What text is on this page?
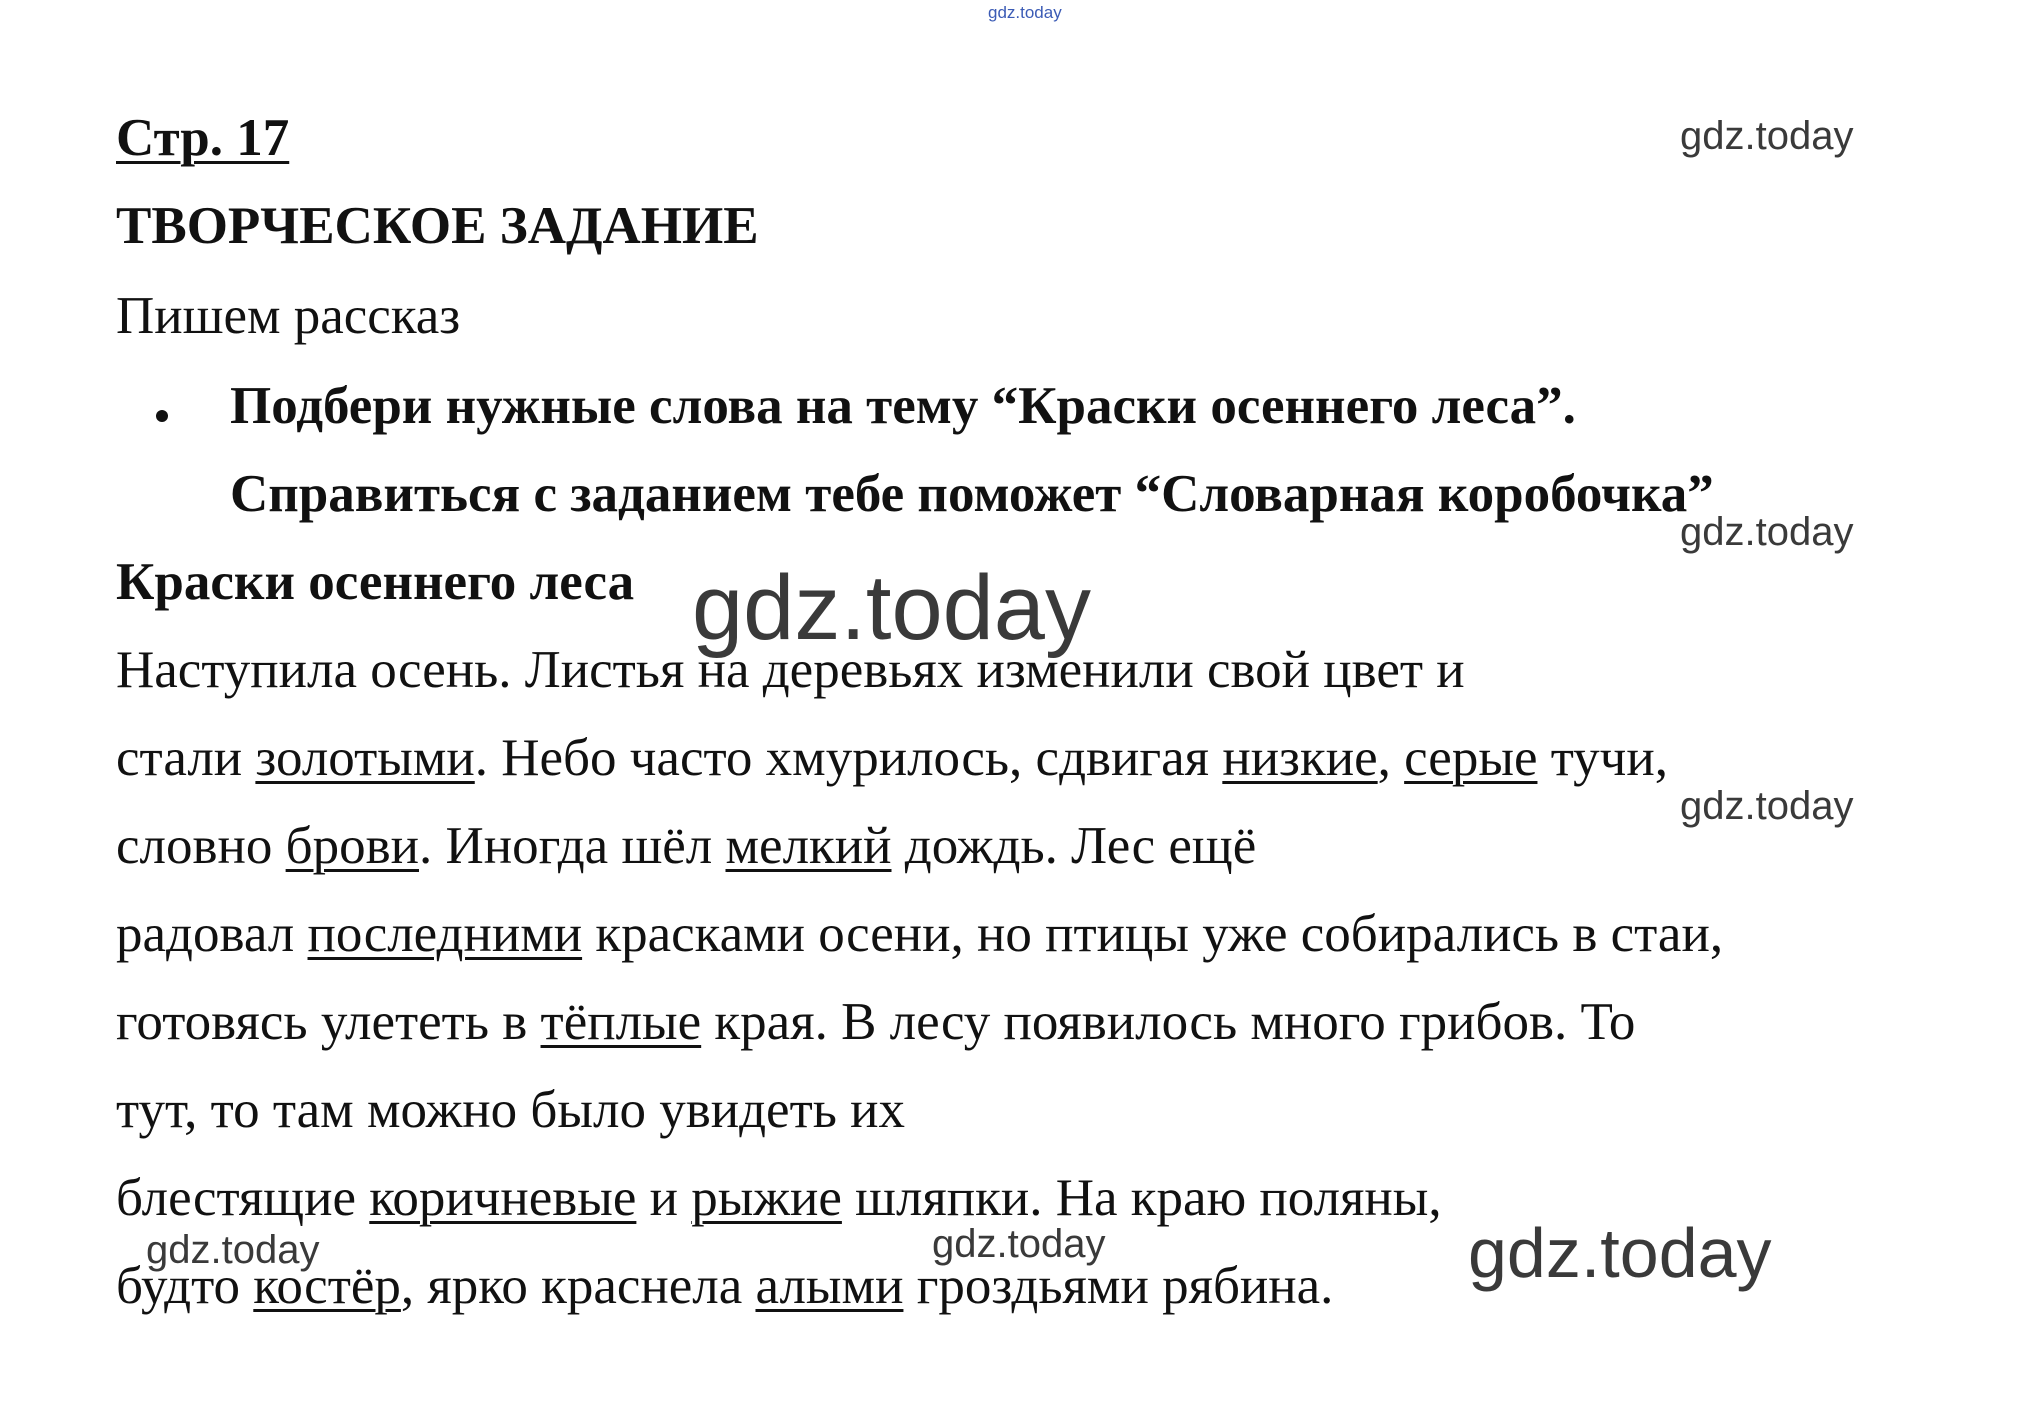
gdz.today
gdz.today
gdz.today
gdz.today
gdz.today	gdz.today
gdz.today
gdz.today
Стр. 17
ТВОРЧЕСКОЕ ЗАДАНИЕ
Пишем рассказ
Подбери нужные слова на тему “Краски осеннего леса”.
Справиться с заданием тебе поможет “Словарная коробочка”
Краски осеннего леса
Наступила осень. Листья на деревьях изменили свой цвет и
стали золотыми. Небо часто хмурилось, сдвигая низкие, серые тучи,
словно брови. Иногда шёл мелкий дождь. Лес ещё
радовал последними красками осени, но птицы уже собирались в стаи,
готовясь улететь в тёплые края. В лесу появилось много грибов. То
тут, то там можно было увидеть их
блестящие коричневые и рыжие шляпки. На краю поляны,
будто костёр, ярко краснела алыми гроздьями рябина.
